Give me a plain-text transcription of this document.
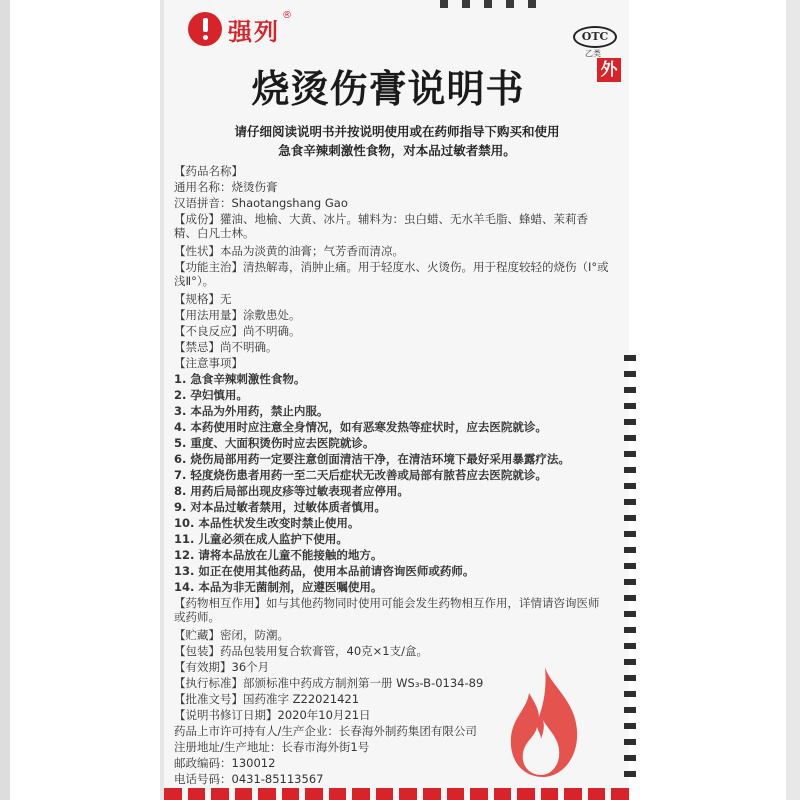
强列
®
OTC
乙类
外
烧烫伤膏说明书
请仔细阅读说明书并按说明使用或在药师指导下购买和使用
急食辛辣刺激性食物，对本品过敏者禁用。
【药品名称】
通用名称：烧烫伤膏
汉语拼音：Shaotangshang Gao
【成份】獾油、地榆、大黄、冰片。辅料为：虫白蜡、无水羊毛脂、蜂蜡、茉莉香精、白凡士林。
【性状】本品为淡黄的油膏；气芳香而清凉。
【功能主治】清热解毒，消肿止痛。用于轻度水、火烫伤。用于程度较轻的烧伤（Ⅰ°或浅Ⅱ°）。
【规格】无
【用法用量】涂敷患处。
【不良反应】尚不明确。
【禁忌】尚不明确。
【注意事项】
1. 急食辛辣刺激性食物。
2. 孕妇慎用。
3. 本品为外用药，禁止内服。
4. 本药使用时应注意全身情况，如有恶寒发热等症状时，应去医院就诊。
5. 重度、大面积烫伤时应去医院就诊。
6. 烧伤局部用药一定要注意创面清洁干净，在清洁环境下最好采用暴露疗法。
7. 轻度烧伤患者用药一至二天后症状无改善或局部有脓苔应去医院就诊。
8. 用药后局部出现皮疹等过敏表现者应停用。
9. 对本品过敏者禁用，过敏体质者慎用。
10. 本品性状发生改变时禁止使用。
11. 儿童必须在成人监护下使用。
12. 请将本品放在儿童不能接触的地方。
13. 如正在使用其他药品，使用本品前请咨询医师或药师。
14. 本品为非无菌制剂，应遵医嘱使用。
【药物相互作用】如与其他药物同时使用可能会发生药物相互作用，详情请咨询医师或药师。
【贮藏】密闭，防潮。
【包装】药品包装用复合软膏管，40克×1支/盒。
【有效期】36个月
【执行标准】部颁标准中药成方制剂第一册 WS₃-B-0134-89
【批准文号】国药准字 Z22021421
【说明书修订日期】2020年10月21日
药品上市许可持有人/生产企业：长春海外制药集团有限公司
注册地址/生产地址：长春市海外街1号
邮政编码：130012
电话号码：0431-85113567
